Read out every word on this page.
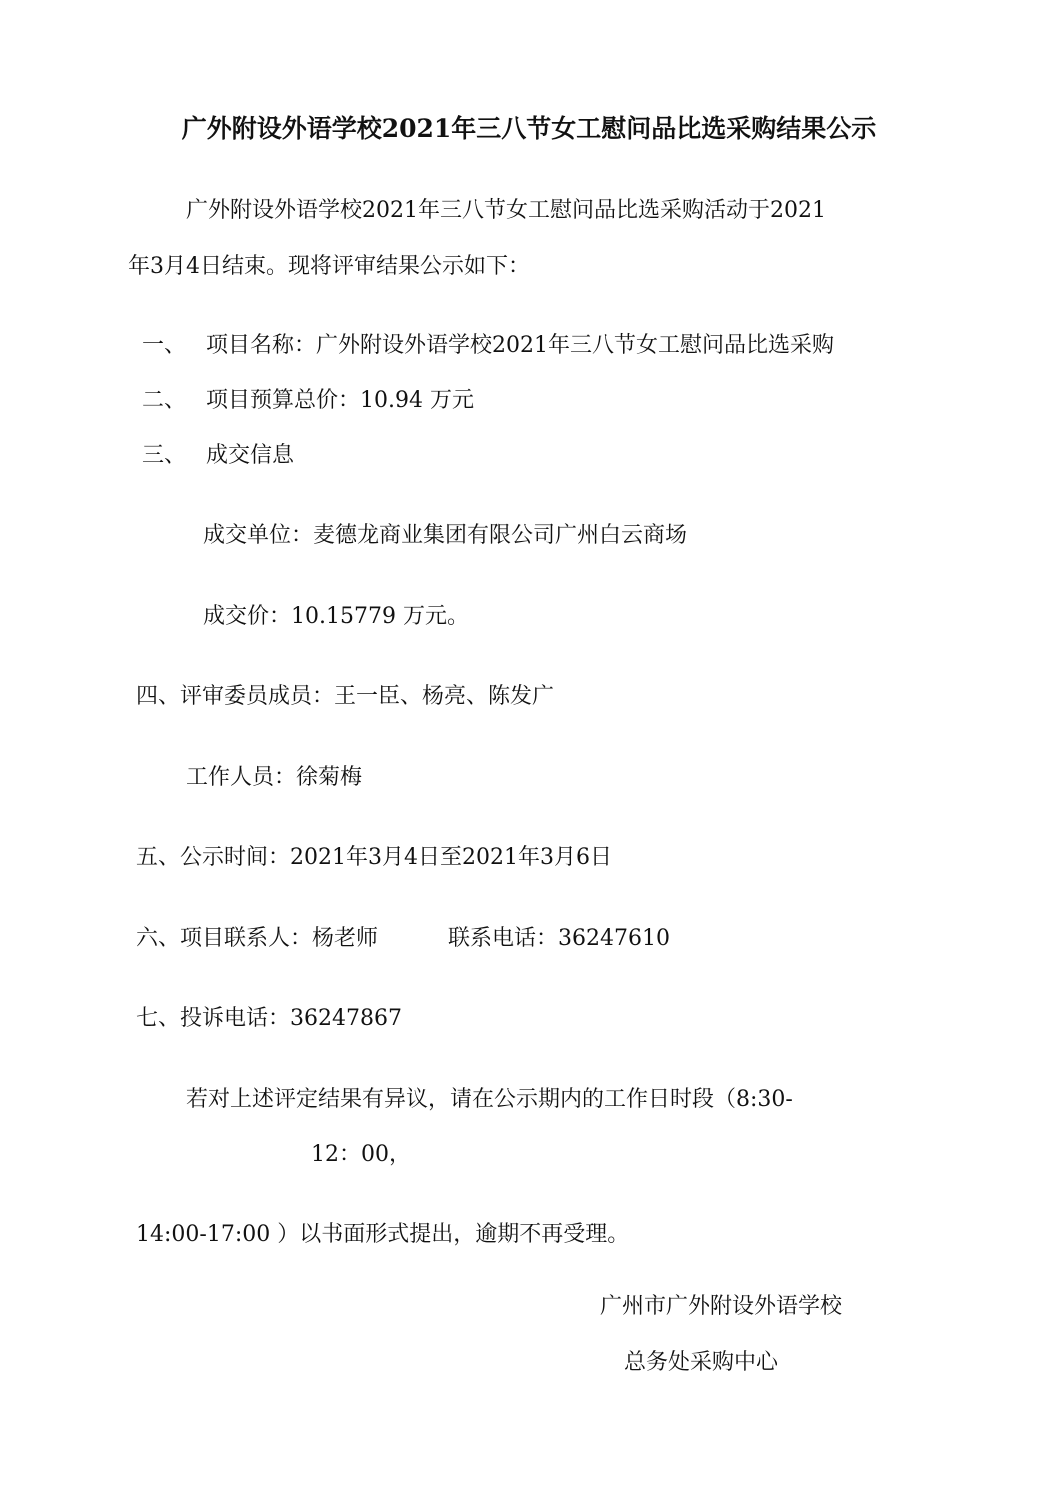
广外附设外语学校2021年三八节女工慰问品比选采购结果公示
广外附设外语学校2021年三八节女工慰问品比选采购活动于2021
年3月4日结束。现将评审结果公示如下：
一、 项目名称：广外附设外语学校2021年三八节女工慰问品比选采购
二、 项目预算总价：10.94 万元
三、 成交信息
成交单位：麦德龙商业集团有限公司广州白云商场
成交价：10.15779 万元。
四、评审委员成员：王一臣、杨亮、陈发广
工作人员：徐菊梅
五、公示时间：2021年3月4日至2021年3月6日
六、项目联系人：杨老师	联系电话：36247610
七、投诉电话：36247867
若对上述评定结果有异议，请在公示期内的工作日时段（8:30-
12：00，
14:00-17:00 ）以书面形式提出，逾期不再受理。
广州市广外附设外语学校
总务处采购中心
